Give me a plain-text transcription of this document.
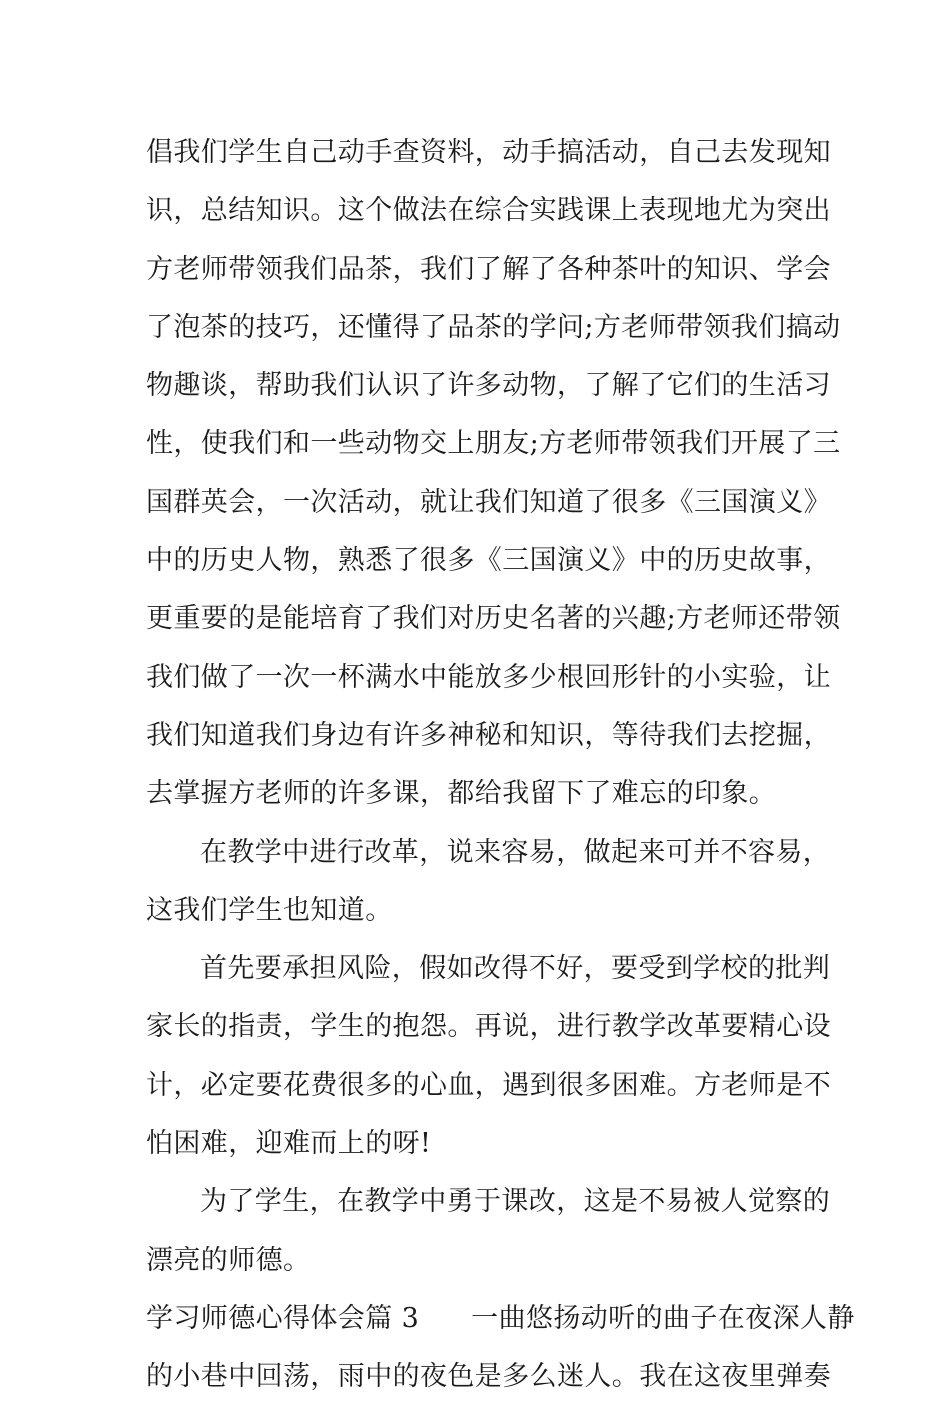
倡我们学生自己动手查资料，动手搞活动，自己去发现知
识，总结知识。这个做法在综合实践课上表现地尤为突出
方老师带领我们品茶，我们了解了各种茶叶的知识、学会
了泡茶的技巧，还懂得了品茶的学问;方老师带领我们搞动
物趣谈，帮助我们认识了许多动物，了解了它们的生活习
性，使我们和一些动物交上朋友;方老师带领我们开展了三
国群英会，一次活动，就让我们知道了很多《三国演义》
中的历史人物，熟悉了很多《三国演义》中的历史故事，
更重要的是能培育了我们对历史名著的兴趣;方老师还带领
我们做了一次一杯满水中能放多少根回形针的小实验，让
我们知道我们身边有许多神秘和知识，等待我们去挖掘，
去掌握方老师的许多课，都给我留下了难忘的印象。
在教学中进行改革，说来容易，做起来可并不容易，
这我们学生也知道。
首先要承担风险，假如改得不好，要受到学校的批判
家长的指责，学生的抱怨。再说，进行教学改革要精心设
计，必定要花费很多的心血，遇到很多困难。方老师是不
怕困难，迎难而上的呀!
为了学生，在教学中勇于课改，这是不易被人觉察的
漂亮的师德。
学习师德心得体会篇 3 一曲悠扬动听的曲子在夜深人静
的小巷中回荡，雨中的夜色是多么迷人。我在这夜里弹奏
